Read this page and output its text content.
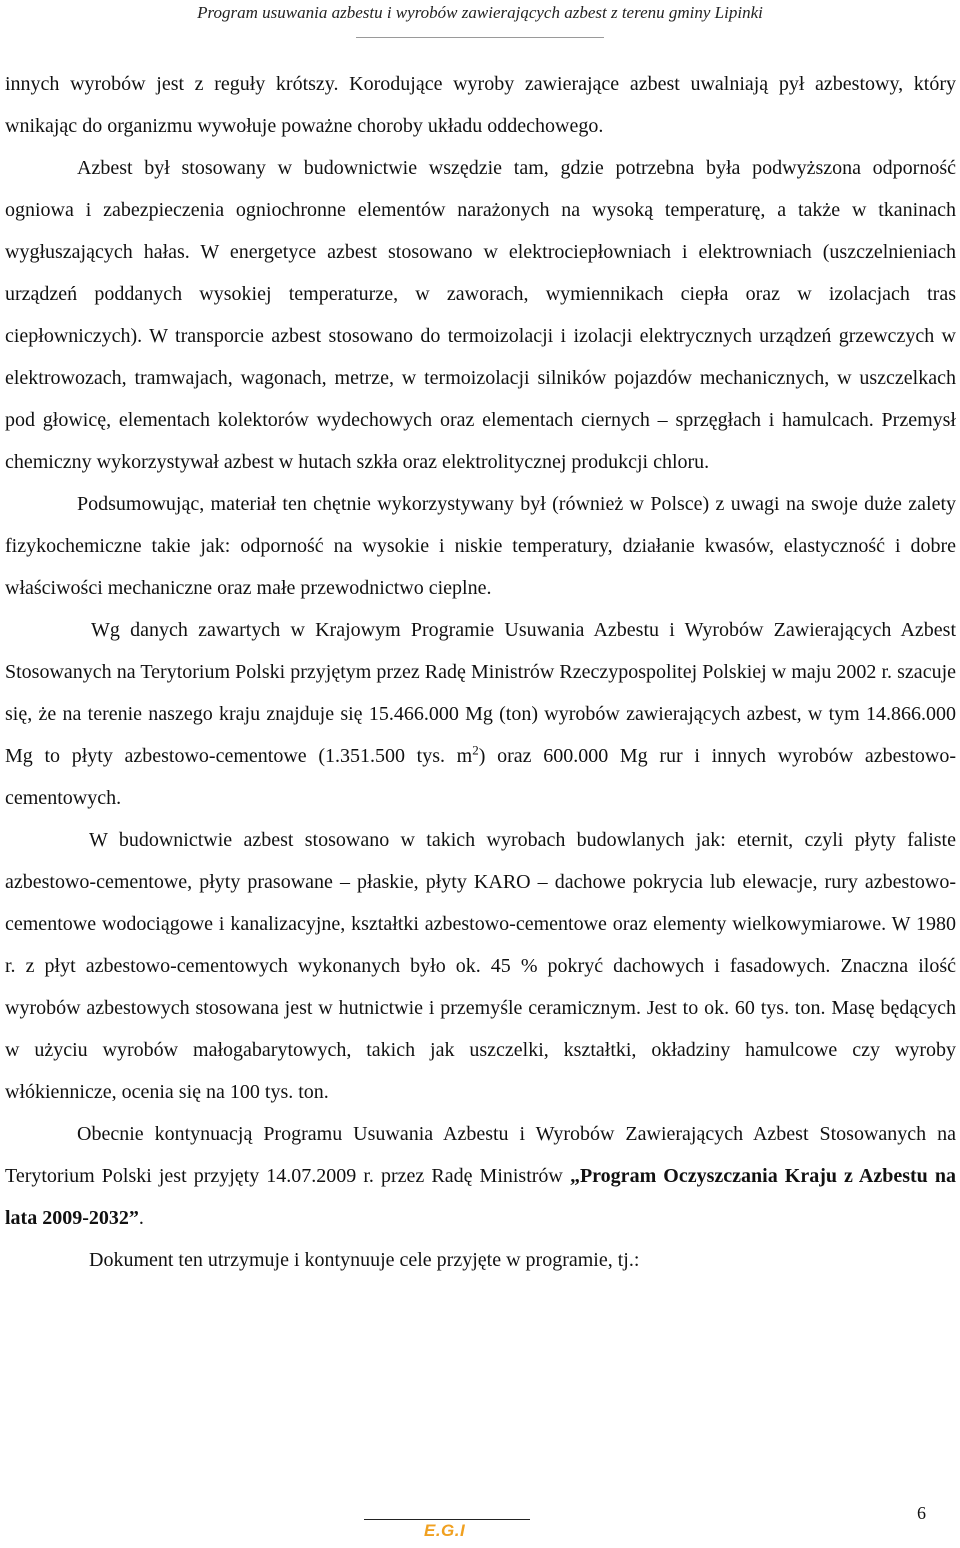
Program usuwania azbestu i wyrobów zawierających azbest z terenu gminy Lipinki

innych wyrobów jest z reguły krótszy. Korodujące wyroby zawierające azbest uwalniają pył azbestowy, który wnikając do organizmu wywołuje poważne choroby układu oddechowego.

Azbest był stosowany w budownictwie wszędzie tam, gdzie potrzebna była podwyższona odporność ogniowa i zabezpieczenia ogniochronne elementów narażonych na wysoką temperaturę, a także w tkaninach wygłuszających hałas. W energetyce azbest stosowano w elektrociepłowniach i elektrowniach (uszczelnieniach urządzeń poddanych wysokiej temperaturze, w zaworach, wymiennikach ciepła oraz w izolacjach tras ciepłowniczych). W transporcie azbest stosowano do termoizolacji i izolacji elektrycznych urządzeń grzewczych w elektrowozach, tramwajach, wagonach, metrze, w termoizolacji silników pojazdów mechanicznych, w uszczelkach pod głowicę, elementach kolektorów wydechowych oraz elementach ciernych – sprzęgłach i hamulcach. Przemysł chemiczny wykorzystywał azbest w hutach szkła oraz elektrolitycznej produkcji chloru.

Podsumowując, materiał ten chętnie wykorzystywany był (również w Polsce) z uwagi na swoje duże zalety fizykochemiczne takie jak: odporność na wysokie i niskie temperatury, działanie kwasów, elastyczność i dobre właściwości mechaniczne oraz małe przewodnictwo cieplne.

Wg danych zawartych w Krajowym Programie Usuwania Azbestu i Wyrobów Zawierających Azbest Stosowanych na Terytorium Polski przyjętym przez Radę Ministrów Rzeczypospolitej Polskiej w maju 2002 r. szacuje się, że na terenie naszego kraju znajduje się 15.466.000 Mg (ton) wyrobów zawierających azbest, w tym 14.866.000 Mg to płyty azbestowo-cementowe (1.351.500 tys. $m^2$) oraz 600.000 Mg rur i innych wyrobów azbestowo-cementowych.

W budownictwie azbest stosowano w takich wyrobach budowlanych jak: eternit, czyli płyty faliste azbestowo-cementowe, płyty prasowane – płaskie, płyty KARO – dachowe pokrycia lub elewacje, rury azbestowo-cementowe wodociągowe i kanalizacyjne, kształtki azbestowo-cementowe oraz elementy wielkowymiarowe. W 1980 r. z płyt azbestowo-cementowych wykonanych było ok. 45 % pokryć dachowych i fasadowych. Znaczna ilość wyrobów azbestowych stosowana jest w hutnictwie i przemyśle ceramicznym. Jest to ok. 60 tys. ton. Masę będących w użyciu wyrobów małogabarytowych, takich jak uszczelki, kształtki, okładziny hamulcowe czy wyroby włókiennicze, ocenia się na 100 tys. ton.

Obecnie kontynuacją Programu Usuwania Azbestu i Wyrobów Zawierających Azbest Stosowanych na Terytorium Polski jest przyjęty 14.07.2009 r. przez Radę Ministrów „Program Oczyszczania Kraju z Azbestu na lata 2009-2032”.

Dokument ten utrzymuje i kontynuuje cele przyjęte w programie, tj.:

E.G.I
6
